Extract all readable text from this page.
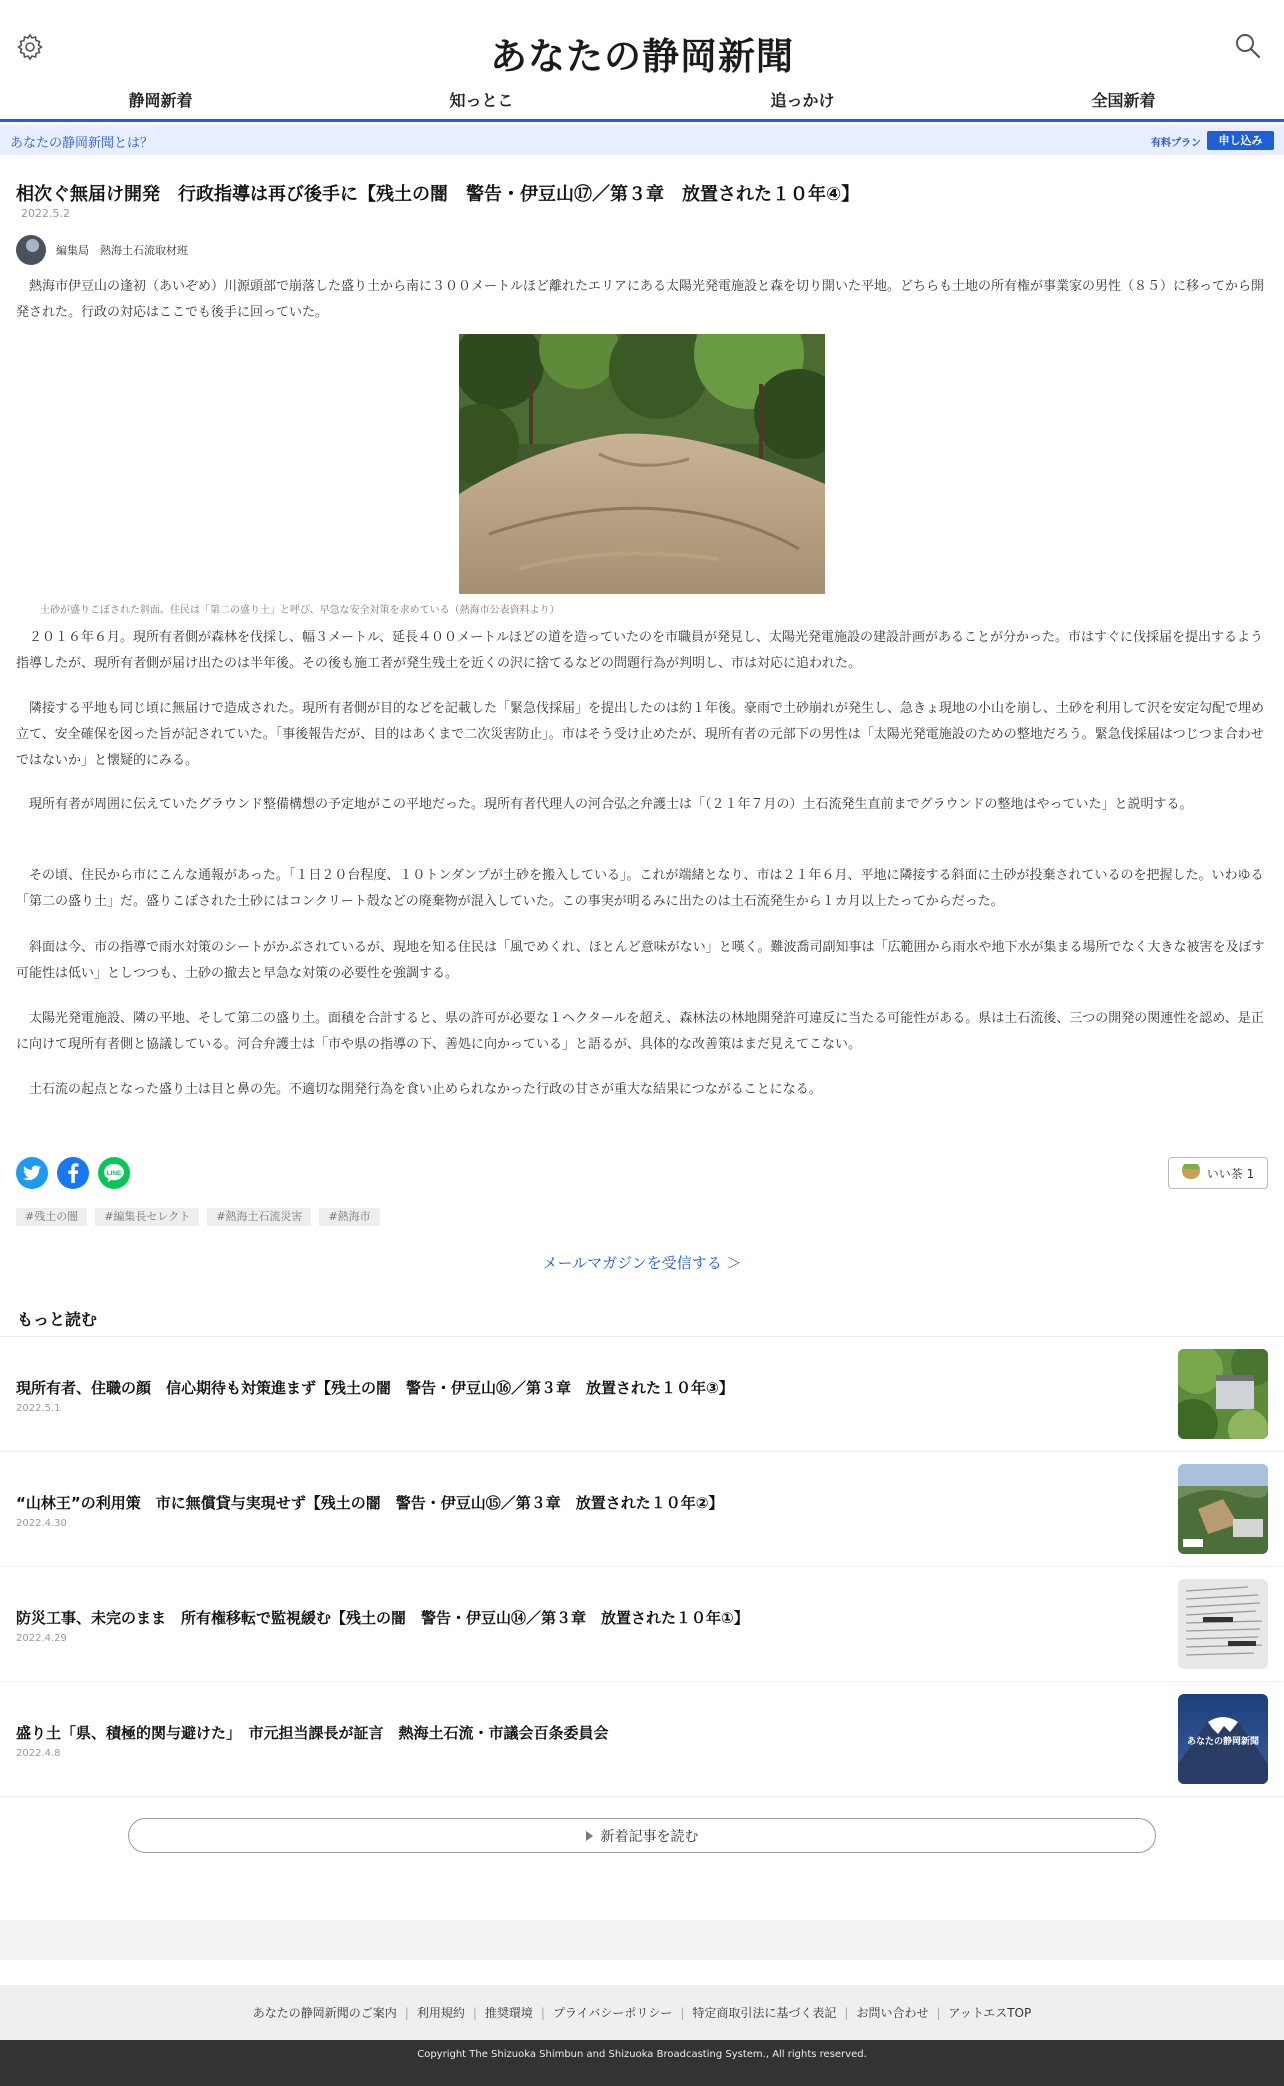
あなたの静岡新聞
静岡新着	知っとこ	追っかけ	全国新着
あなたの静岡新聞とは？	有料プラン	申し込み
相次ぐ無届け開発　行政指導は再び後手に【残土の闇　警告・伊豆山⑰／第３章　放置された１０年④】
2022.5.2
編集局　熱海土石流取材班

熱海市伊豆山の逢初（あいぞめ）川源頭部で崩落した盛り土から南に３００メートルほど離れたエリアにある太陽光発電施設と森を切り開いた平地。どちらも土地の所有権が事業家の男性（８５）に移ってから開発された。行政の対応はここでも後手に回っていた。

土砂が盛りこぼされた斜面。住民は「第二の盛り土」と呼び、早急な安全対策を求めている（熱海市公表資料より）

２０１６年６月。現所有者側が森林を伐採し、幅３メートル、延長４００メートルほどの道を造っていたのを市職員が発見し、太陽光発電施設の建設計画があることが分かった。市はすぐに伐採届を提出するよう指導したが、現所有者側が届け出たのは半年後。その後も施工者が発生残土を近くの沢に捨てるなどの問題行為が判明し、市は対応に追われた。

隣接する平地も同じ頃に無届けで造成された。現所有者側が目的などを記載した「緊急伐採届」を提出したのは約１年後。豪雨で土砂崩れが発生し、急きょ現地の小山を崩し、土砂を利用して沢を安定勾配で埋め立て、安全確保を図った旨が記されていた。「事後報告だが、目的はあくまで二次災害防止」。市はそう受け止めたが、現所有者の元部下の男性は「太陽光発電施設のための整地だろう。緊急伐採届はつじつま合わせではないか」と懐疑的にみる。

現所有者が周囲に伝えていたグラウンド整備構想の予定地がこの平地だった。現所有者代理人の河合弘之弁護士は「（２１年７月の）土石流発生直前までグラウンドの整地はやっていた」と説明する。

その頃、住民から市にこんな通報があった。「１日２０台程度、１０トンダンプが土砂を搬入している」。これが端緒となり、市は２１年６月、平地に隣接する斜面に土砂が投棄されているのを把握した。いわゆる「第二の盛り土」だ。盛りこぼされた土砂にはコンクリート殻などの廃棄物が混入していた。この事実が明るみに出たのは土石流発生から１カ月以上たってからだった。

斜面は今、市の指導で雨水対策のシートがかぶされているが、現地を知る住民は「風でめくれ、ほとんど意味がない」と嘆く。難波喬司副知事は「広範囲から雨水や地下水が集まる場所でなく大きな被害を及ぼす可能性は低い」としつつも、土砂の撤去と早急な対策の必要性を強調する。

太陽光発電施設、隣の平地、そして第二の盛り土。面積を合計すると、県の許可が必要な１ヘクタールを超え、森林法の林地開発許可違反に当たる可能性がある。県は土石流後、三つの開発の関連性を認め、是正に向けて現所有者側と協議している。河合弁護士は「市や県の指導の下、善処に向かっている」と語るが、具体的な改善策はまだ見えてこない。

土石流の起点となった盛り土は目と鼻の先。不適切な開発行為を食い止められなかった行政の甘さが重大な結果につながることになる。

LINE	いい茶 1
#残土の闇	#編集長セレクト	#熱海土石流災害	#熱海市
メールマガジンを受信する ＞
もっと読む
現所有者、住職の顔　信心期待も対策進まず【残土の闇　警告・伊豆山⑯／第３章　放置された１０年③】
2022.5.1
“山林王”の利用策　市に無償貸与実現せず【残土の闇　警告・伊豆山⑮／第３章　放置された１０年②】
2022.4.30
防災工事、未完のまま　所有権移転で監視緩む【残土の闇　警告・伊豆山⑭／第３章　放置された１０年①】
2022.4.29
盛り土「県、積極的関与避けた」　市元担当課長が証言　熱海土石流・市議会百条委員会
2022.4.8
あなたの静岡新聞
新着記事を読む
あなたの静岡新聞のご案内 | 利用規約 | 推奨環境 | プライバシーポリシー | 特定商取引法に基づく表記 | お問い合わせ | アットエスTOP
Copyright The Shizuoka Shimbun and Shizuoka Broadcasting System., All rights reserved.
